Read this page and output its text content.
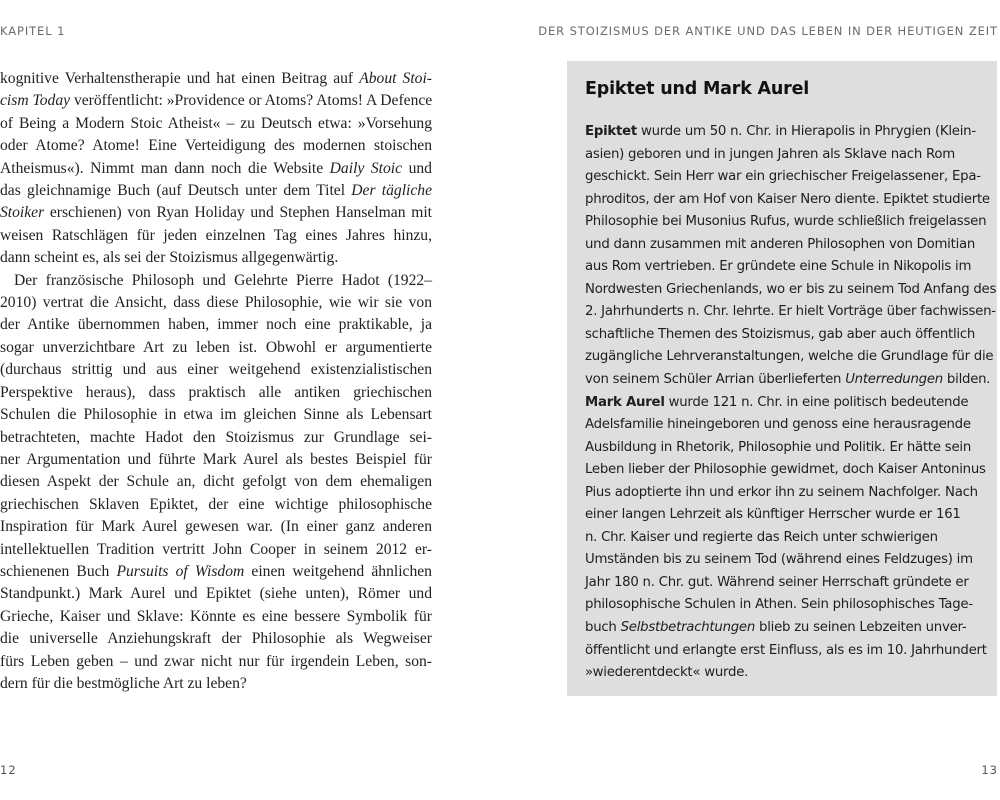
KAPITEL 1	DER STOIZISMUS DER ANTIKE UND DAS LEBEN IN DER HEUTIGEN ZEIT
kognitive Verhaltenstherapie und hat einen Beitrag auf About Stoi-
cism Today veröffentlicht: »Providence or Atoms? Atoms! A Defence
of Being a Modern Stoic Atheist« – zu Deutsch etwa: »Vorsehung
oder Atome? Atome! Eine Verteidigung des modernen stoischen
Atheismus«). Nimmt man dann noch die Website Daily Stoic und
das gleichnamige Buch (auf Deutsch unter dem Titel Der tägliche
Stoiker erschienen) von Ryan Holiday und Stephen Hanselman mit
weisen Ratschlägen für jeden einzelnen Tag eines Jahres hinzu,
dann scheint es, als sei der Stoizismus allgegenwärtig.
Der französische Philosoph und Gelehrte Pierre Hadot (1922–
2010) vertrat die Ansicht, dass diese Philosophie, wie wir sie von
der Antike übernommen haben, immer noch eine praktikable, ja
sogar unverzichtbare Art zu leben ist. Obwohl er argumentierte
(durchaus strittig und aus einer weitgehend existenzialistischen
Perspektive heraus), dass praktisch alle antiken griechischen
Schulen die Philosophie in etwa im gleichen Sinne als Lebensart
betrachteten, machte Hadot den Stoizismus zur Grundlage sei-
ner Argumentation und führte Mark Aurel als bestes Beispiel für
diesen Aspekt der Schule an, dicht gefolgt von dem ehemaligen
griechischen Sklaven Epiktet, der eine wichtige philosophische
Inspiration für Mark Aurel gewesen war. (In einer ganz anderen
intellektuellen Tradition vertritt John Cooper in seinem 2012 er-
schienenen Buch Pursuits of Wisdom einen weitgehend ähnlichen
Standpunkt.) Mark Aurel und Epiktet (siehe unten), Römer und
Grieche, Kaiser und Sklave: Könnte es eine bessere Symbolik für
die universelle Anziehungskraft der Philosophie als Wegweiser
fürs Leben geben – und zwar nicht nur für irgendein Leben, son-
dern für die bestmögliche Art zu leben?
Epiktet und Mark Aurel
Epiktet wurde um 50 n. Chr. in Hierapolis in Phrygien (Klein-
asien) geboren und in jungen Jahren als Sklave nach Rom
geschickt. Sein Herr war ein griechischer Freigelassener, Epa-
phroditos, der am Hof von Kaiser Nero diente. Epiktet studierte
Philosophie bei Musonius Rufus, wurde schließlich freigelassen
und dann zusammen mit anderen Philosophen von Domitian
aus Rom vertrieben. Er gründete eine Schule in Nikopolis im
Nordwesten Griechenlands, wo er bis zu seinem Tod Anfang des
2. Jahrhunderts n. Chr. lehrte. Er hielt Vorträge über fachwissen-
schaftliche Themen des Stoizismus, gab aber auch öffentlich
zugängliche Lehrveranstaltungen, welche die Grundlage für die
von seinem Schüler Arrian überlieferten Unterredungen bilden.
Mark Aurel wurde 121 n. Chr. in eine politisch bedeutende
Adelsfamilie hineingeboren und genoss eine herausragende
Ausbildung in Rhetorik, Philosophie und Politik. Er hätte sein
Leben lieber der Philosophie gewidmet, doch Kaiser Antoninus
Pius adoptierte ihn und erkor ihn zu seinem Nachfolger. Nach
einer langen Lehrzeit als künftiger Herrscher wurde er 161
n. Chr. Kaiser und regierte das Reich unter schwierigen
Umständen bis zu seinem Tod (während eines Feldzuges) im
Jahr 180 n. Chr. gut. Während seiner Herrschaft gründete er
philosophische Schulen in Athen. Sein philosophisches Tage-
buch Selbstbetrachtungen blieb zu seinen Lebzeiten unver-
öffentlicht und erlangte erst Einfluss, als es im 10. Jahrhundert
»wiederentdeckt« wurde.
12	13
